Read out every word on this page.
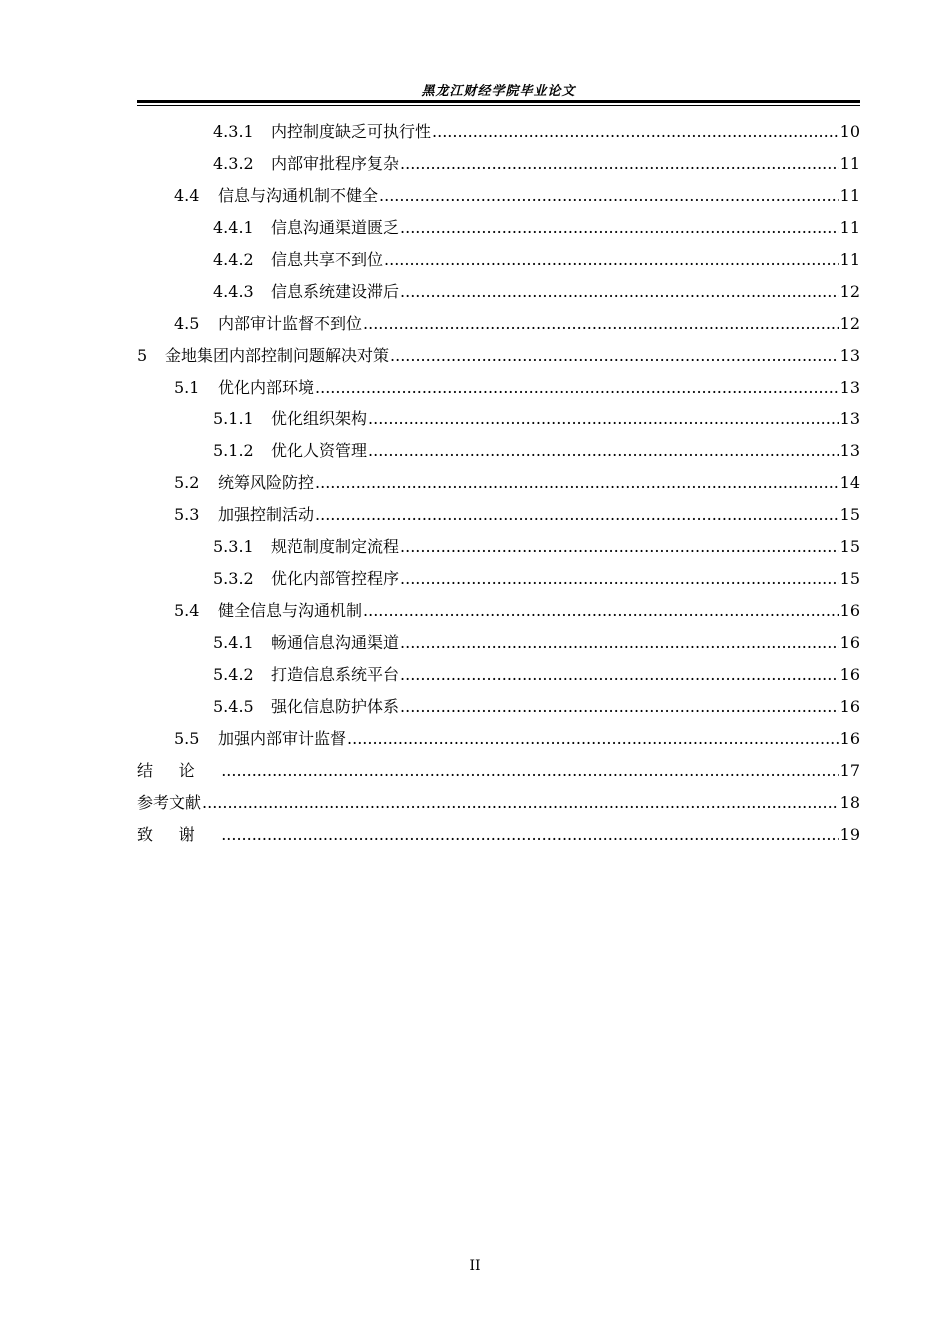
黑龙江财经学院毕业论文
4.3.1	内控制度缺乏可执行性 .....	10
4.3.2	内部审批程序复杂 .....	11
4.4	信息与沟通机制不健全 .....	11
4.4.1	信息沟通渠道匮乏 .....	11
4.4.2	信息共享不到位 .....	11
4.4.3	信息系统建设滞后 .....	12
4.5	内部审计监督不到位 .....	12
5	金地集团内部控制问题解决对策 .....	13
5.1	优化内部环境 .....	13
5.1.1	优化组织架构 .....	13
5.1.2	优化人资管理 .....	13
5.2	统筹风险防控 .....	14
5.3	加强控制活动 .....	15
5.3.1	规范制度制定流程 .....	15
5.3.2	优化内部管控程序 .....	15
5.4	健全信息与沟通机制 .....	16
5.4.1	畅通信息沟通渠道 .....	16
5.4.2	打造信息系统平台 .....	16
5.4.5	强化信息防护体系 .....	16
5.5	加强内部审计监督 .....	16
结论 .....	17
参考文献 .....	18
致谢 .....	19
II
